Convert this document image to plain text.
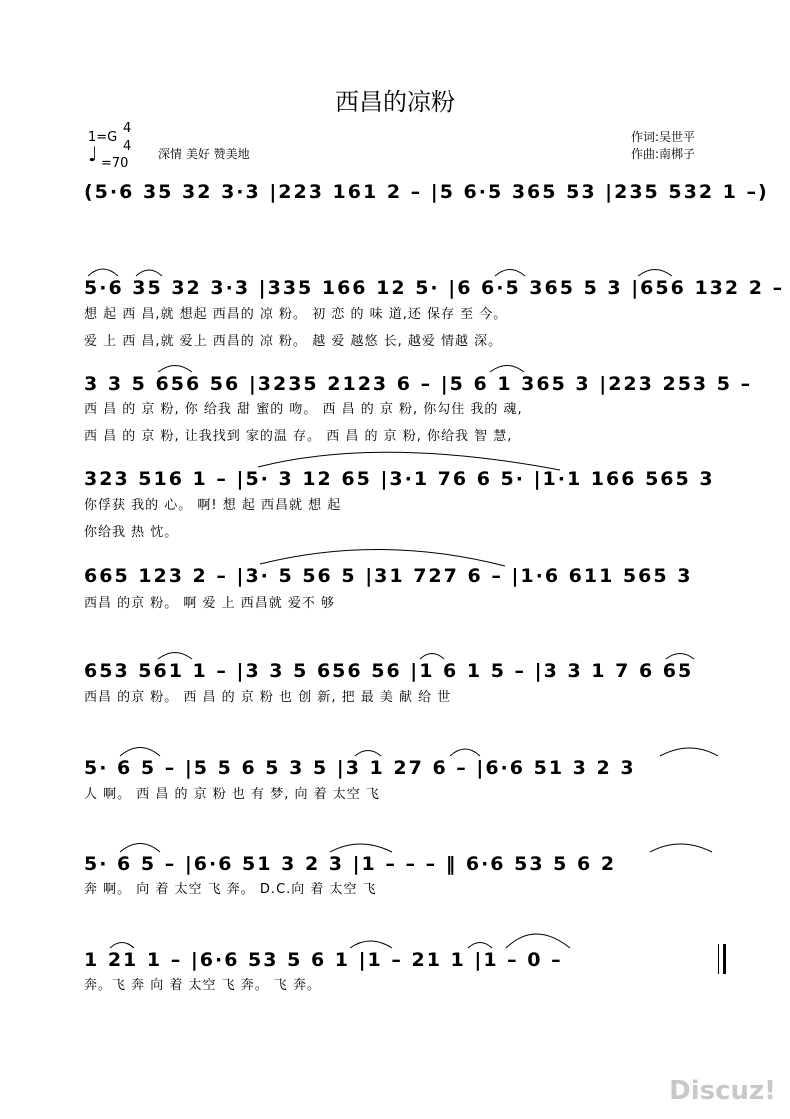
西昌的凉粉
1=G
4
4
♩ =70
深情 美好 赞美地
作词:吴世平
作曲:南梆子
(5·6 35 32 3·3 |223 161 2 – |5 6·5 365 53 |235 532 1 –)
5·6 35 32 3·3 |335 166 12 5· |6 6·5 365 5 3 |656 132 2 –
想 起 西 昌,就 想起 西昌的 凉 粉。 初 恋 的 味 道,还 保存 至 今。
爱 上 西 昌,就 爱上 西昌的 凉 粉。 越 爱 越悠 长, 越爱 情越 深。
3 3 5 656 56 |3235 2123 6 – |5 6 1 365 3 |223 253 5 –
西 昌 的 京 粉, 你 给我 甜 蜜的 吻。 西 昌 的 京 粉, 你勾住 我的 魂,
西 昌 的 京 粉, 让我找到 家的温 存。 西 昌 的 京 粉, 你给我 智 慧,
323 516 1 – |5· 3 12 65 |3·1 76 6 5· |1·1 166 565 3
你俘获 我的 心。 啊! 想 起 西昌就 想 起
你给我 热 忱。
665 123 2 – |3· 5 56 5 |31 727 6 – |1·6 611 565 3
西昌 的京 粉。 啊 爱 上 西昌就 爱不 够
653 561 1 – |3 3 5 656 56 |1 6 1 5 – |3 3 1 7 6 65
西昌 的京 粉。 西 昌 的 京 粉 也 创 新, 把 最 美 献 给 世
5· 6 5 – |5 5 6 5 3 5 |3 1 27 6 – |6·6 51 3 2 3
人 啊。 西 昌 的 京 粉 也 有 梦, 向 着 太空 飞
5· 6 5 – |6·6 51 3 2 3 |1 – – – ‖ 6·6 53 5 6 2
奔 啊。 向 着 太空 飞 奔。 D.C.向 着 太空 飞
1 21 1 – |6·6 53 5 6 1 |1 – 21 1 |1 – 0 –
奔。飞 奔 向 着 太空 飞 奔。 飞 奔。
Discuz!
